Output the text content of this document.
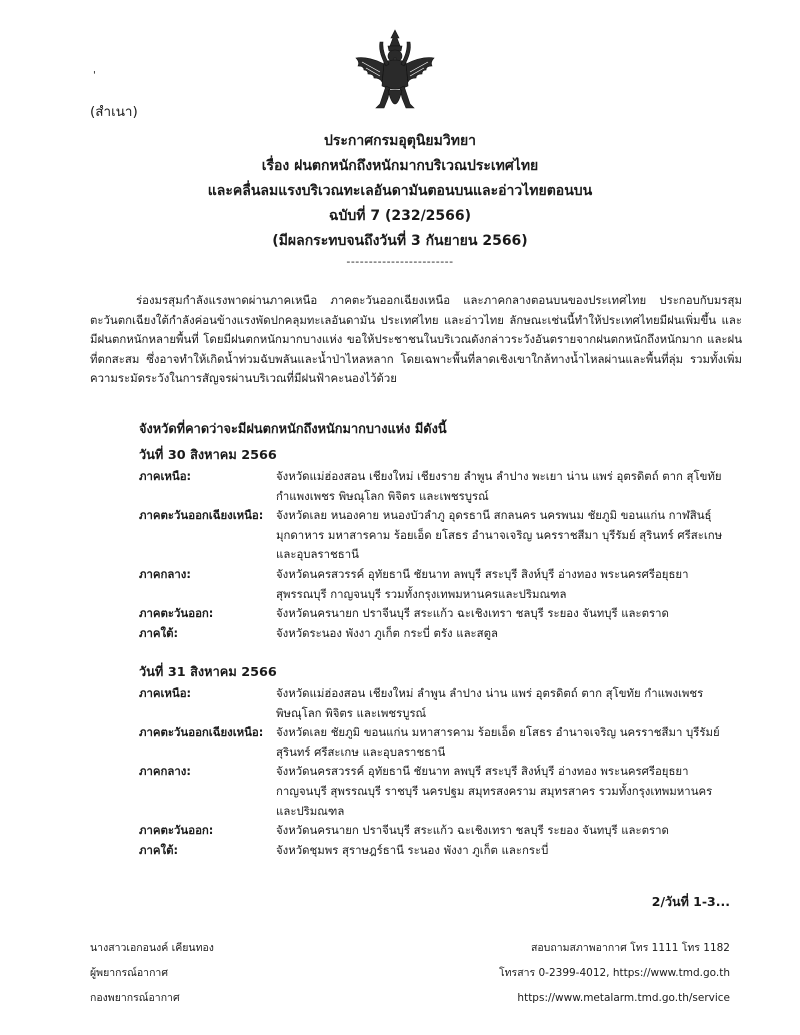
'
(สำเนา)
ประกาศกรมอุตุนิยมวิทยา
เรื่อง ฝนตกหนักถึงหนักมากบริเวณประเทศไทย
และคลื่นลมแรงบริเวณทะเลอันดามันตอนบนและอ่าวไทยตอนบน
ฉบับที่ 7 (232/2566)
(มีผลกระทบจนถึงวันที่ 3 กันยายน 2566)
------------------------
ร่องมรสุมกำลังแรงพาดผ่านภาคเหนือ ภาคตะวันออกเฉียงเหนือ และภาคกลางตอนบนของประเทศไทย ประกอบกับมรสุม ตะวันตกเฉียงใต้กำลังค่อนข้างแรงพัดปกคลุมทะเลอันดามัน ประเทศไทย และอ่าวไทย ลักษณะเช่นนี้ทำให้ประเทศไทยมีฝนเพิ่มขึ้น และมีฝนตกหนักหลายพื้นที่ โดยมีฝนตกหนักมากบางแห่ง ขอให้ประชาชนในบริเวณดังกล่าวระวังอันตรายจากฝนตกหนักถึงหนักมาก และฝนที่ตกสะสม ซึ่งอาจทำให้เกิดน้ำท่วมฉับพลันและน้ำป่าไหลหลาก โดยเฉพาะพื้นที่ลาดเชิงเขาใกล้ทางน้ำไหลผ่านและพื้นที่ลุ่ม รวมทั้งเพิ่มความระมัดระวังในการสัญจรผ่านบริเวณที่มีฝนฟ้าคะนองไว้ด้วย
จังหวัดที่คาดว่าจะมีฝนตกหนักถึงหนักมากบางแห่ง มีดังนี้
วันที่ 30 สิงหาคม 2566
ภาคเหนือ:	จังหวัดแม่ฮ่องสอน เชียงใหม่ เชียงราย ลำพูน ลำปาง พะเยา น่าน แพร่ อุตรดิตถ์ ตาก สุโขทัย
กำแพงเพชร พิษณุโลก พิจิตร และเพชรบูรณ์
ภาคตะวันออกเฉียงเหนือ:	จังหวัดเลย หนองคาย หนองบัวลำภู อุดรธานี สกลนคร นครพนม ชัยภูมิ ขอนแก่น กาฬสินธุ์
มุกดาหาร มหาสารคาม ร้อยเอ็ด ยโสธร อำนาจเจริญ นครราชสีมา บุรีรัมย์ สุรินทร์ ศรีสะเกษ
และอุบลราชธานี
ภาคกลาง:	จังหวัดนครสวรรค์ อุทัยธานี ชัยนาท ลพบุรี สระบุรี สิงห์บุรี อ่างทอง พระนครศรีอยุธยา
สุพรรณบุรี กาญจนบุรี รวมทั้งกรุงเทพมหานครและปริมณฑล
ภาคตะวันออก:	จังหวัดนครนายก ปราจีนบุรี สระแก้ว ฉะเชิงเทรา ชลบุรี ระยอง จันทบุรี และตราด
ภาคใต้:	จังหวัดระนอง พังงา ภูเก็ต กระบี่ ตรัง และสตูล
วันที่ 31 สิงหาคม 2566
ภาคเหนือ:	จังหวัดแม่ฮ่องสอน เชียงใหม่ ลำพูน ลำปาง น่าน แพร่ อุตรดิตถ์ ตาก สุโขทัย กำแพงเพชร
พิษณุโลก พิจิตร และเพชรบูรณ์
ภาคตะวันออกเฉียงเหนือ:	จังหวัดเลย ชัยภูมิ ขอนแก่น มหาสารคาม ร้อยเอ็ด ยโสธร อำนาจเจริญ นครราชสีมา บุรีรัมย์
สุรินทร์ ศรีสะเกษ และอุบลราชธานี
ภาคกลาง:	จังหวัดนครสวรรค์ อุทัยธานี ชัยนาท ลพบุรี สระบุรี สิงห์บุรี อ่างทอง พระนครศรีอยุธยา
กาญจนบุรี สุพรรณบุรี ราชบุรี นครปฐม สมุทรสงคราม สมุทรสาคร รวมทั้งกรุงเทพมหานคร
และปริมณฑล
ภาคตะวันออก:	จังหวัดนครนายก ปราจีนบุรี สระแก้ว ฉะเชิงเทรา ชลบุรี ระยอง จันทบุรี และตราด
ภาคใต้:	จังหวัดชุมพร สุราษฎร์ธานี ระนอง พังงา ภูเก็ต และกระบี่
2/วันที่ 1-3...
นางสาวเอกอนงค์ เคียนทอง
ผู้พยากรณ์อากาศ
กองพยากรณ์อากาศ
สอบถามสภาพอากาศ โทร 1111 โทร 1182
โทรสาร 0-2399-4012, https://www.tmd.go.th
https://www.metalarm.tmd.go.th/service
